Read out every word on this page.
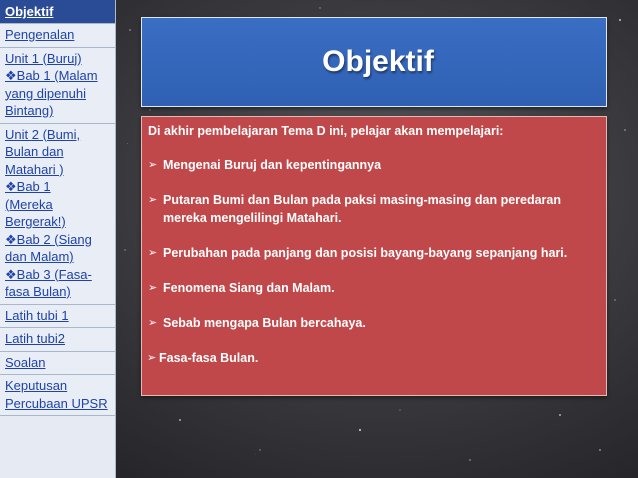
Objektif
Pengenalan
Unit 1 (Buruj)
❖Bab 1 (Malam
yang dipenuhi
Bintang)
Unit 2 (Bumi,
Bulan dan
Matahari )
❖Bab 1
(Mereka
Bergerak!)
❖Bab 2 (Siang
dan Malam)
❖Bab 3 (Fasa-
fasa Bulan)
Latih tubi 1
Latih tubi2
Soalan
Keputusan
Percubaan UPSR
Objektif

Di akhir pembelajaran Tema D ini, pelajar akan mempelajari:

➢ Mengenai Buruj dan kepentingannya
➢ Putaran Bumi dan Bulan pada paksi masing-masing dan peredaran mereka mengelilingi Matahari.
➢ Perubahan pada panjang dan posisi bayang-bayang sepanjang hari.
➢ Fenomena Siang dan Malam.
➢ Sebab mengapa Bulan bercahaya.
➢ Fasa-fasa Bulan.
